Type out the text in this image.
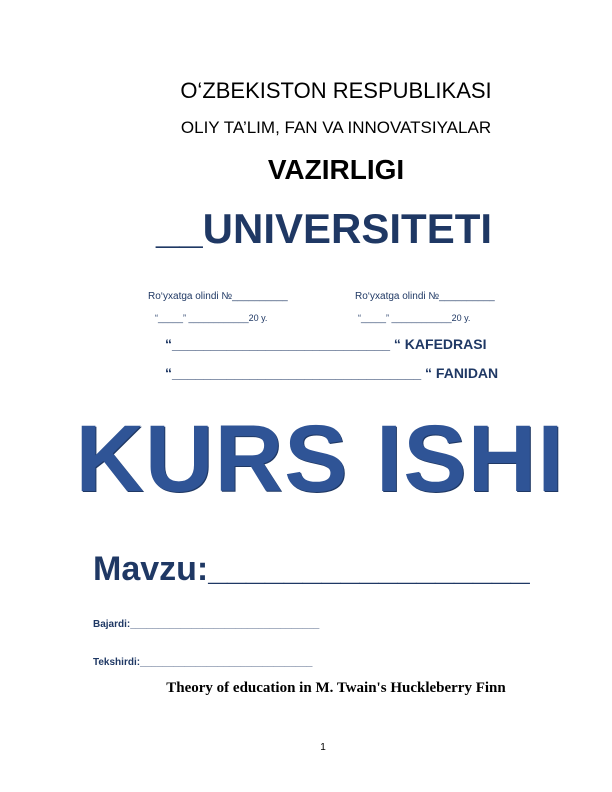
O‘ZBEKISTON RESPUBLIKASI
OLIY TA’LIM, FAN VA INNOVATSIYALAR
VAZIRLIGI
__UNIVERSITETI
Ro‘yxatga olindi №__________	Ro‘yxatga olindi №__________
“_____” ____________20 y.	“_____” ____________20 y.
“____________________________ “ KAFEDRASI
“________________________________ “ FANIDAN
KURS ISHI
Mavzu:_________________
Bajardi:__________________________________
Tekshirdi:_______________________________
Theory of education in M. Twain's Huckleberry Finn
1
